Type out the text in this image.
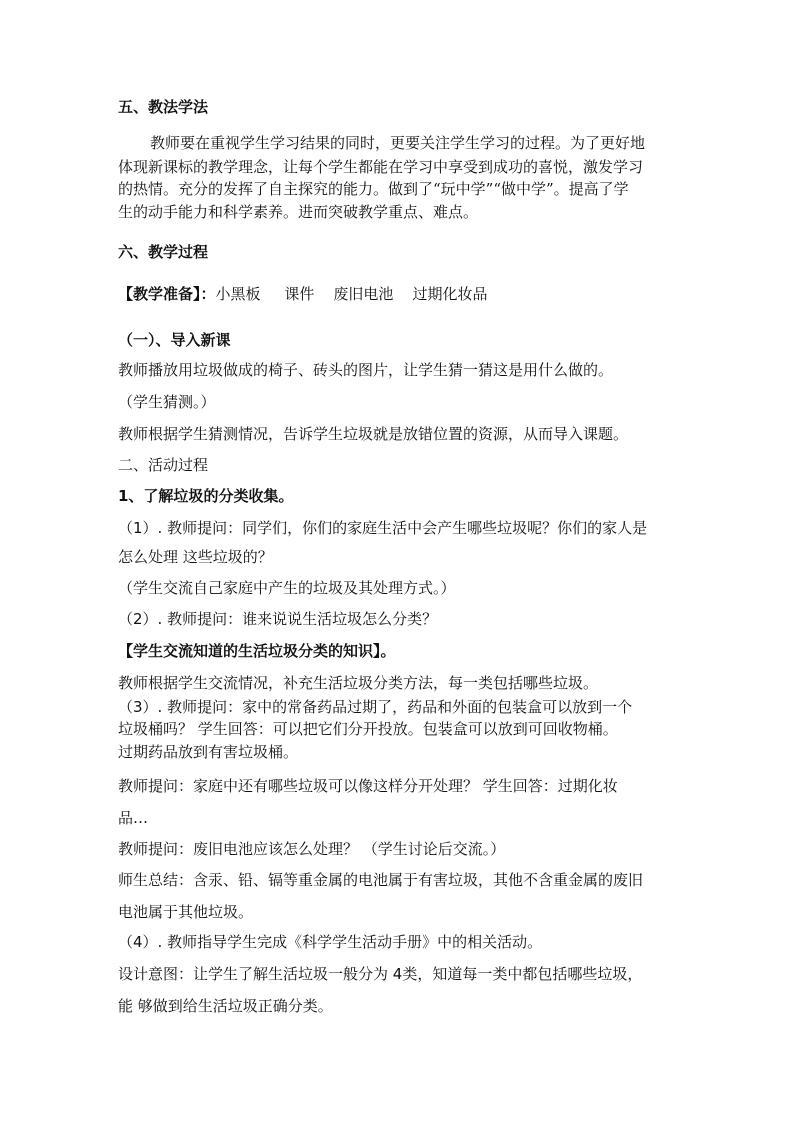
五、教法学法
教师要在重视学生学习结果的同时，更要关注学生学习的过程。为了更好地
体现新课标的教学理念，让每个学生都能在学习中享受到成功的喜悦，激发学习
的热情。充分的发挥了自主探究的能力。做到了“玩中学”“做中学”。提高了学
生的动手能力和科学素养。进而突破教学重点、难点。
六、教学过程
【教学准备】：小黑板     课件    废旧电池    过期化妆品
（一）、导入新课
教师播放用垃圾做成的椅子、砖头的图片，让学生猜一猜这是用什么做的。
（学生猜测。）
教师根据学生猜测情况，告诉学生垃圾就是放错位置的资源，从而导入课题。
二、活动过程
1、了解垃圾的分类收集。
（1）. 教师提问：同学们，你们的家庭生活中会产生哪些垃圾呢？你们的家人是
怎么处理 这些垃圾的？
（学生交流自己家庭中产生的垃圾及其处理方式。）
（2）. 教师提问：谁来说说生活垃圾怎么分类？
【学生交流知道的生活垃圾分类的知识】。
教师根据学生交流情况，补充生活垃圾分类方法，每一类包括哪些垃圾。
（3）. 教师提问：家中的常备药品过期了，药品和外面的包装盒可以放到一个
垃圾桶吗？ 学生回答：可以把它们分开投放。包装盒可以放到可回收物桶。
过期药品放到有害垃圾桶。
教师提问：家庭中还有哪些垃圾可以像这样分开处理？ 学生回答：过期化妆
品…
教师提问：废旧电池应该怎么处理？ （学生讨论后交流。）
师生总结：含汞、铅、镉等重金属的电池属于有害垃圾，其他不含重金属的废旧
电池属于其他垃圾。
（4）. 教师指导学生完成《科学学生活动手册》中的相关活动。
设计意图：让学生了解生活垃圾一般分为 4类，知道每一类中都包括哪些垃圾，
能 够做到给生活垃圾正确分类。
